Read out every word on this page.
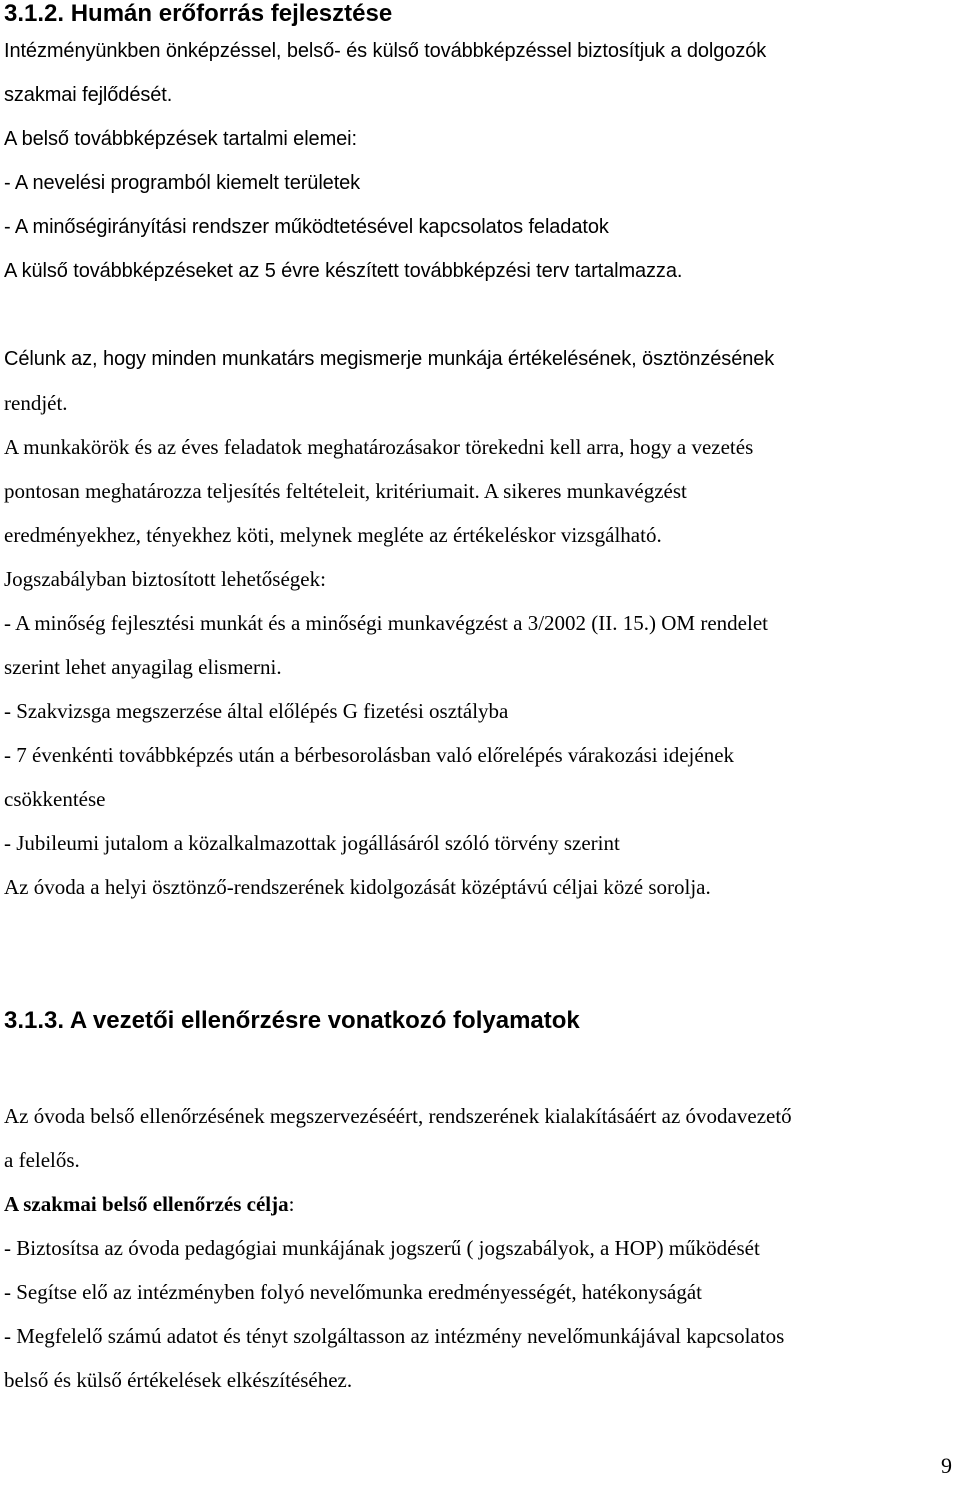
3.1.2. Humán erőforrás fejlesztése

Intézményünkben önképzéssel, belső- és külső továbbképzéssel biztosítjuk a dolgozók

szakmai fejlődését.

A belső továbbképzések tartalmi elemei:

- A nevelési programból kiemelt területek

- A minőségirányítási rendszer működtetésével kapcsolatos feladatok

A külső továbbképzéseket az 5 évre készített továbbképzési terv tartalmazza.

Célunk az, hogy minden munkatárs megismerje munkája értékelésének, ösztönzésének

rendjét.

A munkakörök és az éves feladatok meghatározásakor törekedni kell arra, hogy a vezetés

pontosan meghatározza teljesítés feltételeit, kritériumait. A sikeres munkavégzést

eredményekhez, tényekhez köti, melynek megléte az értékeléskor vizsgálható.

Jogszabályban biztosított lehetőségek:

- A minőség fejlesztési munkát és a minőségi munkavégzést a 3/2002 (II. 15.) OM rendelet

szerint lehet anyagilag elismerni.

- Szakvizsga megszerzése által előlépés G fizetési osztályba

- 7 évenkénti továbbképzés után a bérbesorolásban való előrelépés várakozási idejének

csökkentése

- Jubileumi jutalom a közalkalmazottak jogállásáról szóló törvény szerint

Az óvoda a helyi ösztönző-rendszerének kidolgozását középtávú céljai közé sorolja.

3.1.3. A vezetői ellenőrzésre vonatkozó folyamatok

Az óvoda belső ellenőrzésének megszervezéséért, rendszerének kialakításáért az óvodavezető

a felelős.

A szakmai belső ellenőrzés célja:

- Biztosítsa az óvoda pedagógiai munkájának jogszerű ( jogszabályok, a HOP) működését

- Segítse elő az intézményben folyó nevelőmunka eredményességét, hatékonyságát

- Megfelelő számú adatot és tényt szolgáltasson az intézmény nevelőmunkájával kapcsolatos

belső és külső értékelések elkészítéséhez.

9
